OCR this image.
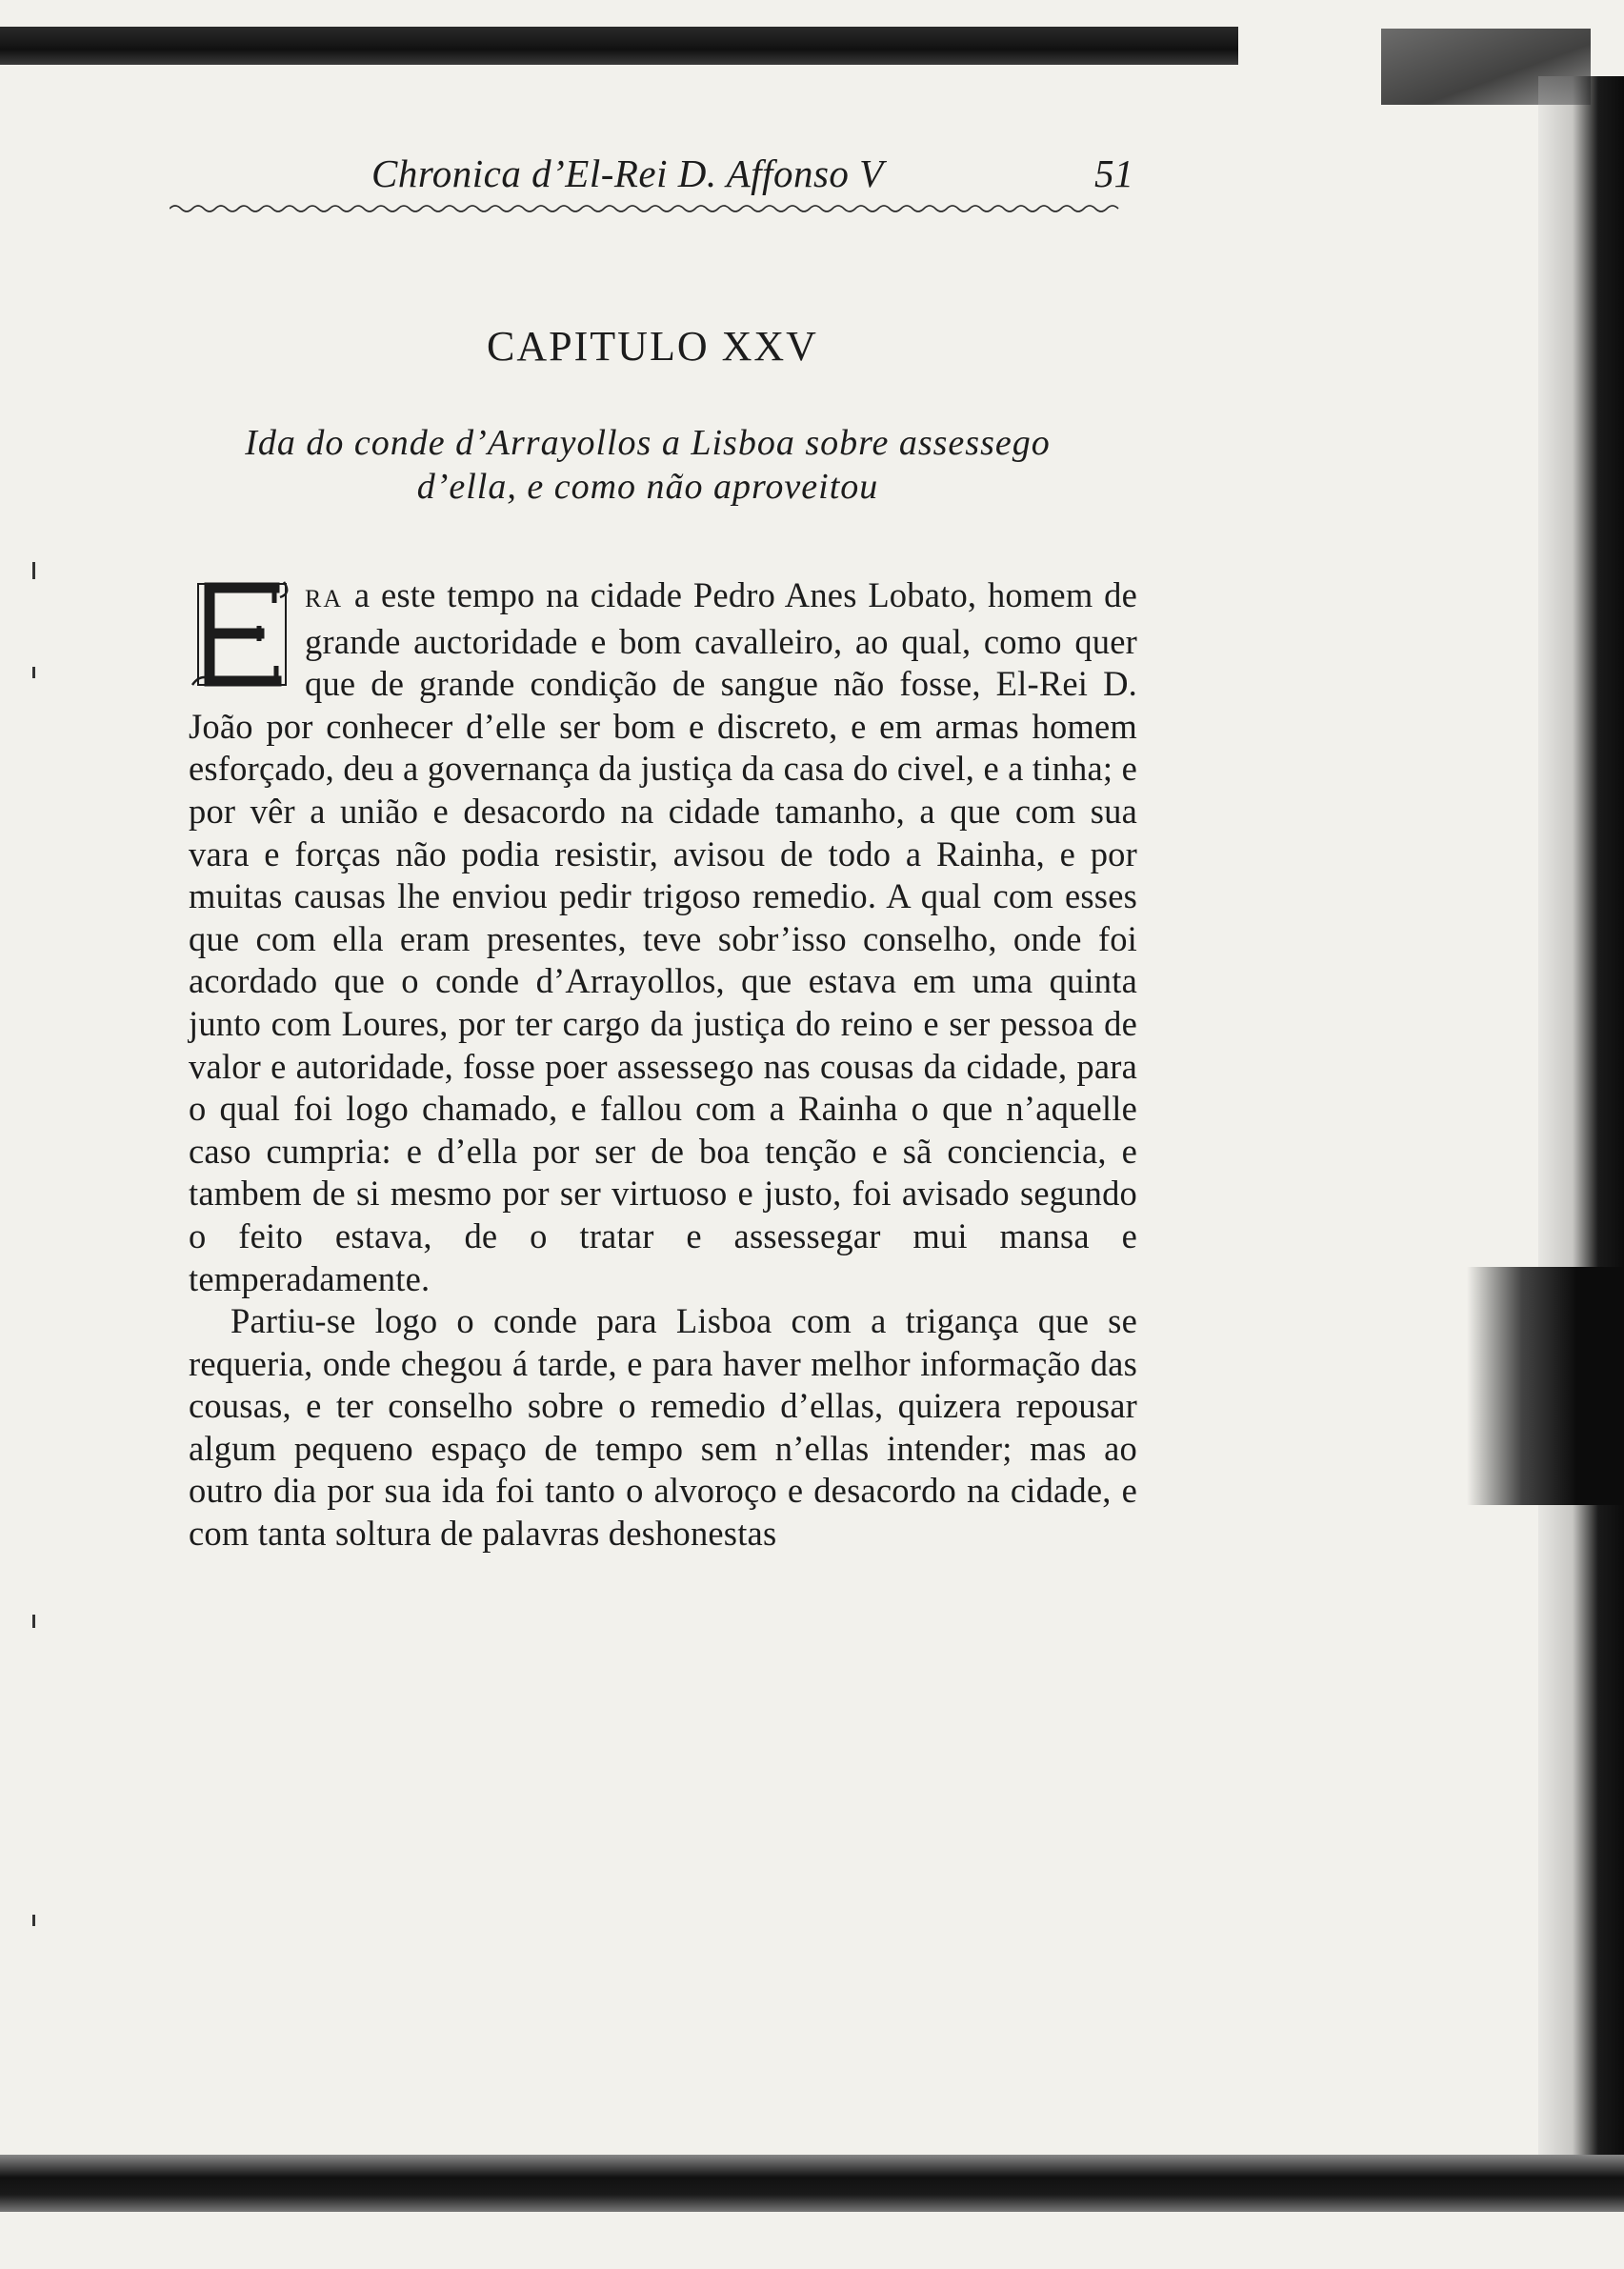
Chronica d’El-Rei D. Affonso V	51
CAPITULO XXV
Ida do conde d’Arrayollos a Lisboa sobre assessego
d’ella, e como não aproveitou

E
RA a este tempo na cidade Pedro Anes Lobato, homem de grande auctoridade e bom cavalleiro, ao qual, como quer que de grande condição de sangue não fosse, El-Rei D. João por conhecer d’elle ser bom e discreto, e em armas homem esforçado, deu a governança da justiça da casa do civel, e a tinha; e por vêr a união e desacordo na cidade tamanho, a que com sua vara e forças não podia resistir, avisou de todo a Rainha, e por muitas causas lhe enviou pedir trigoso remedio. A qual com esses que com ella eram presentes, teve sobr’isso conselho, onde foi acordado que o conde d’Arrayollos, que estava em uma quinta junto com Loures, por ter cargo da justiça do reino e ser pessoa de valor e autoridade, fosse poer assessego nas cousas da cidade, para o qual foi logo chamado, e fallou com a Rainha o que n’aquelle caso cumpria: e d’ella por ser de boa tenção e sã conciencia, e tambem de si mesmo por ser virtuoso e justo, foi avisado segundo o feito estava, de o tratar e assessegar mui mansa e temperadamente.

Partiu-se logo o conde para Lisboa com a trigança que se requeria, onde chegou á tarde, e para haver melhor informação das cousas, e ter conselho sobre o remedio d’ellas, quizera repousar algum pequeno espaço de tempo sem n’ellas intender; mas ao outro dia por sua ida foi tanto o alvoroço e desacordo na cidade, e com tanta soltura de palavras deshonestas
